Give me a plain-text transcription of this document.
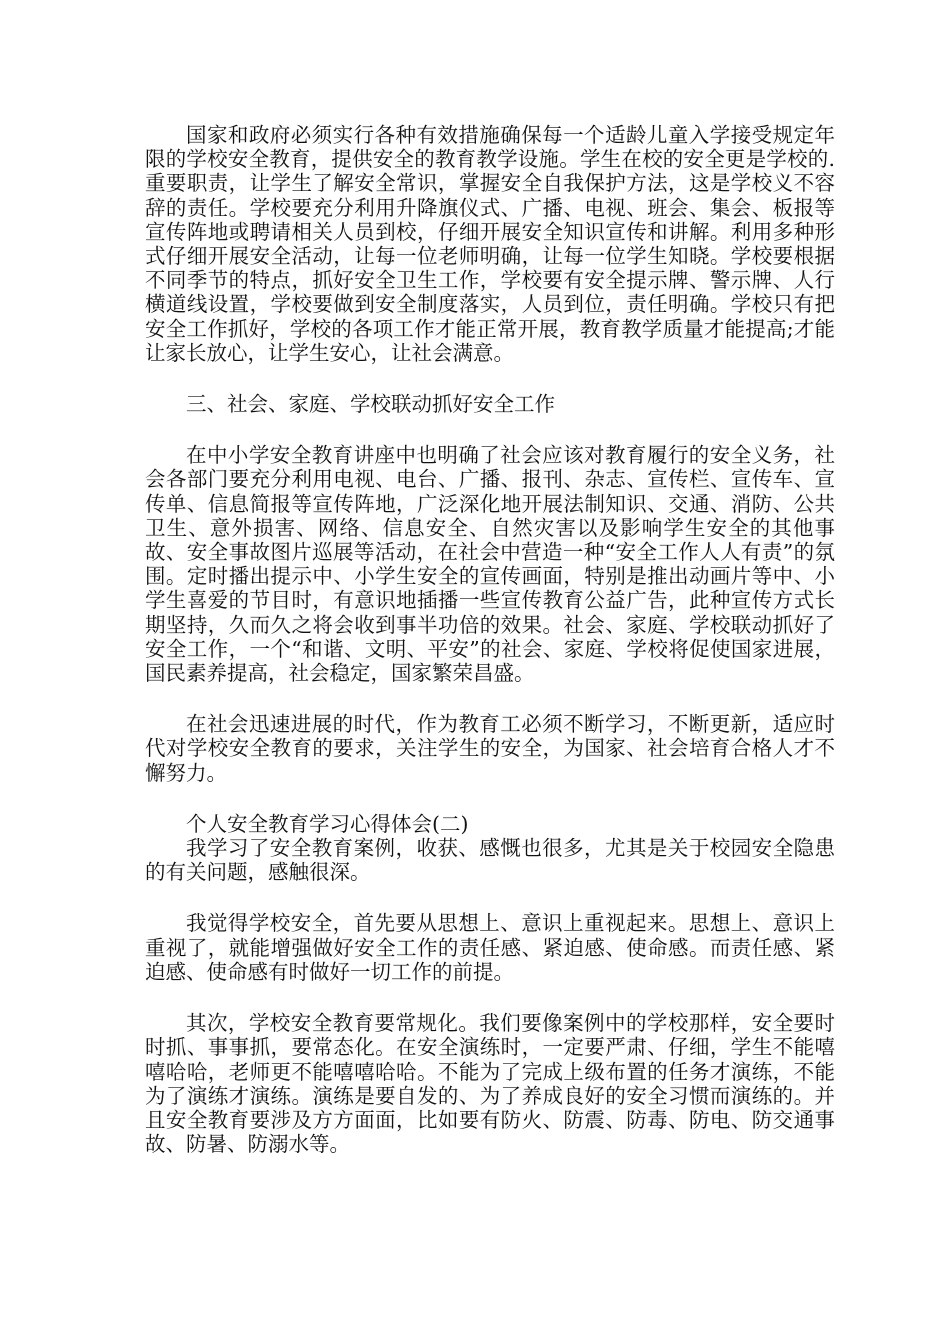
国家和政府必须实行各种有效措施确保每一个适龄儿童入学接受规定年限的学校安全教育，提供安全的教育教学设施。学生在校的安全更是学校的.重要职责，让学生了解安全常识，掌握安全自我保护方法，这是学校义不容辞的责任。学校要充分利用升降旗仪式、广播、电视、班会、集会、板报等宣传阵地或聘请相关人员到校，仔细开展安全知识宣传和讲解。利用多种形式仔细开展安全活动，让每一位老师明确，让每一位学生知晓。学校要根据不同季节的特点，抓好安全卫生工作，学校要有安全提示牌、警示牌、人行横道线设置，学校要做到安全制度落实，人员到位，责任明确。学校只有把安全工作抓好，学校的各项工作才能正常开展，教育教学质量才能提高;才能让家长放心，让学生安心，让社会满意。

三、社会、家庭、学校联动抓好安全工作

在中小学安全教育讲座中也明确了社会应该对教育履行的安全义务，社会各部门要充分利用电视、电台、广播、报刊、杂志、宣传栏、宣传车、宣传单、信息简报等宣传阵地，广泛深化地开展法制知识、交通、消防、公共卫生、意外损害、网络、信息安全、自然灾害以及影响学生安全的其他事故、安全事故图片巡展等活动，在社会中营造一种“安全工作人人有责”的氛围。定时播出提示中、小学生安全的宣传画面，特别是推出动画片等中、小学生喜爱的节目时，有意识地插播一些宣传教育公益广告，此种宣传方式长期坚持，久而久之将会收到事半功倍的效果。社会、家庭、学校联动抓好了安全工作，一个“和谐、文明、平安”的社会、家庭、学校将促使国家进展，国民素养提高，社会稳定，国家繁荣昌盛。

在社会迅速进展的时代，作为教育工必须不断学习，不断更新，适应时代对学校安全教育的要求，关注学生的安全，为国家、社会培育合格人才不懈努力。

个人安全教育学习心得体会(二)

我学习了安全教育案例，收获、感慨也很多，尤其是关于校园安全隐患的有关问题，感触很深。

我觉得学校安全，首先要从思想上、意识上重视起来。思想上、意识上重视了，就能增强做好安全工作的责任感、紧迫感、使命感。而责任感、紧迫感、使命感有时做好一切工作的前提。

其次，学校安全教育要常规化。我们要像案例中的学校那样，安全要时时抓、事事抓，要常态化。在安全演练时，一定要严肃、仔细，学生不能嘻嘻哈哈，老师更不能嘻嘻哈哈。不能为了完成上级布置的任务才演练，不能为了演练才演练。演练是要自发的、为了养成良好的安全习惯而演练的。并且安全教育要涉及方方面面，比如要有防火、防震、防毒、防电、防交通事故、防暑、防溺水等。
